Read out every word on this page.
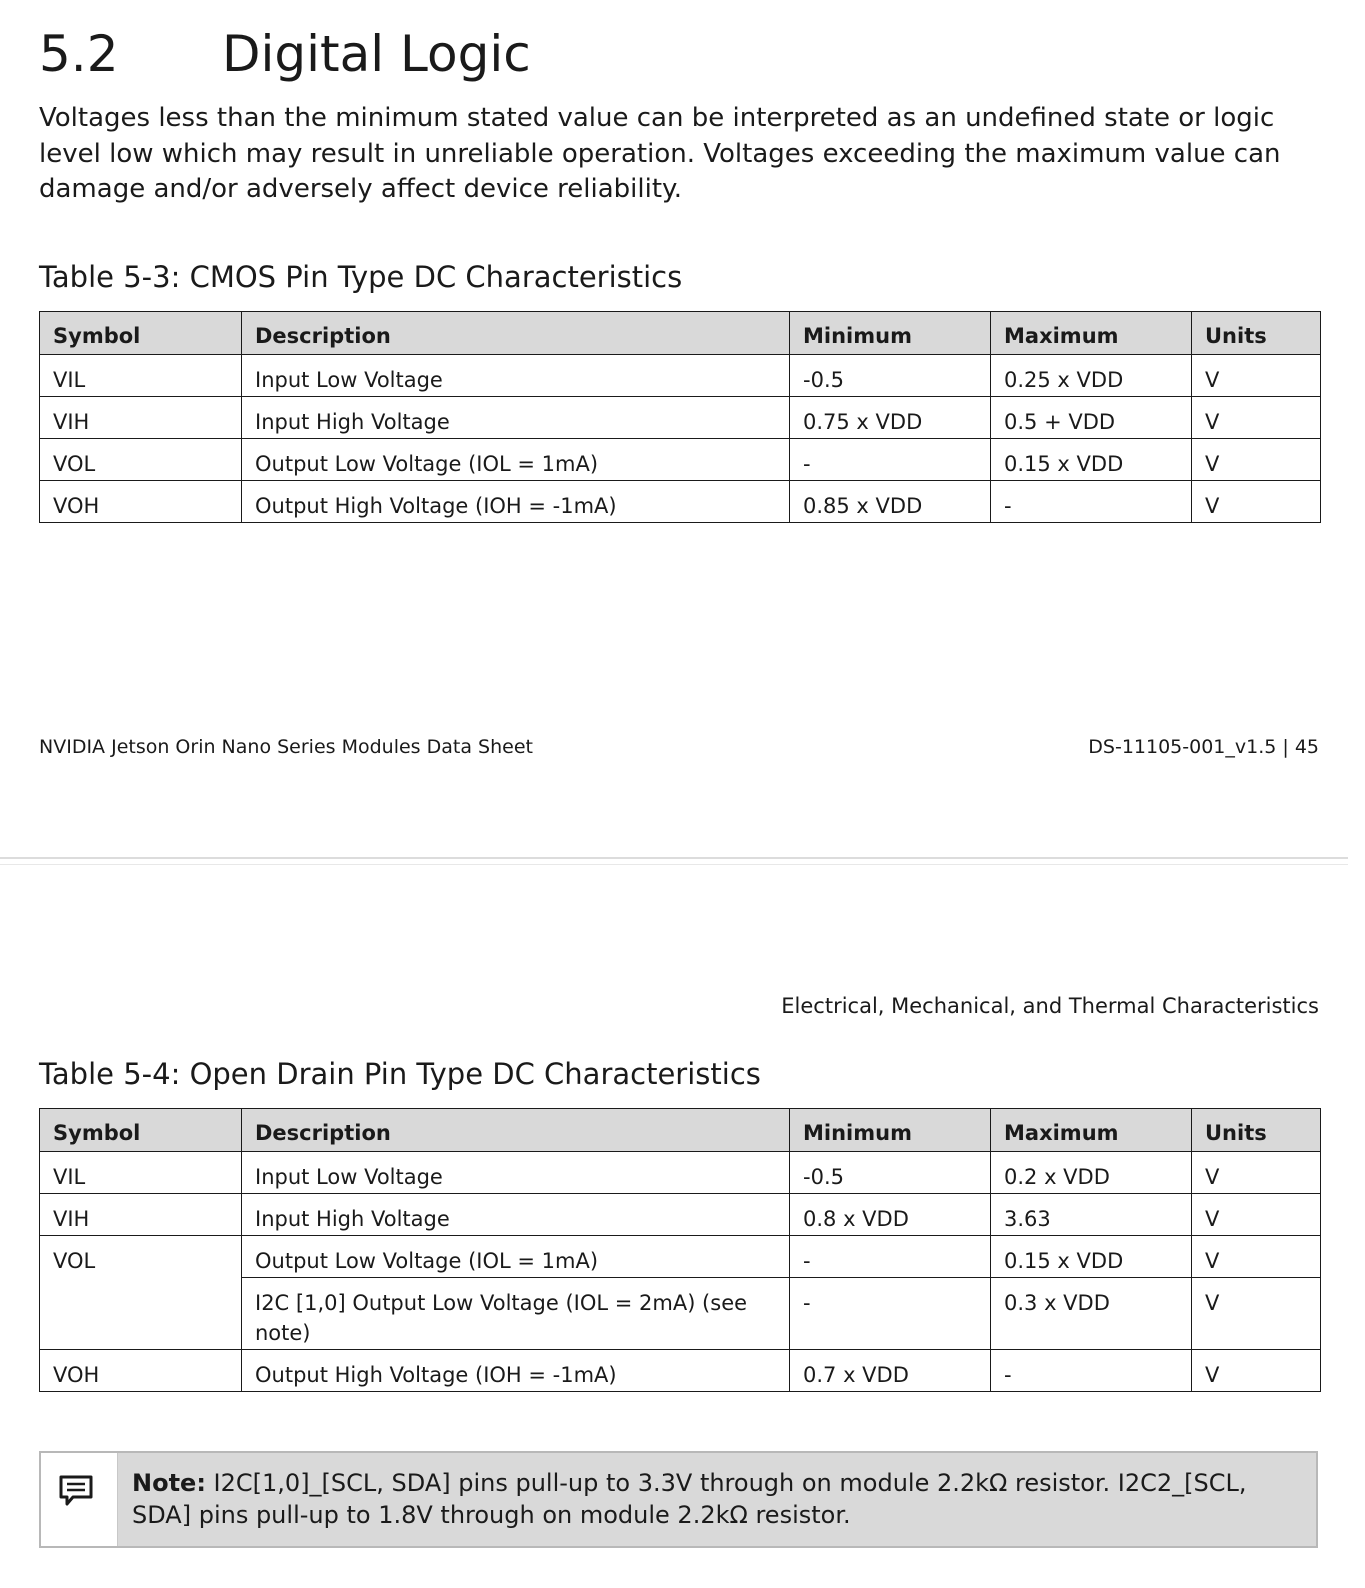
5.2 Digital Logic
Voltages less than the minimum stated value can be interpreted as an undefined state or logic level low which may result in unreliable operation. Voltages exceeding the maximum value can damage and/or adversely affect device reliability.
Table 5-3: CMOS Pin Type DC Characteristics
Symbol	Description	Minimum	Maximum	Units
VIL	Input Low Voltage	-0.5	0.25 x VDD	V
VIH	Input High Voltage	0.75 x VDD	0.5 + VDD	V
VOL	Output Low Voltage (IOL = 1mA)	-	0.15 x VDD	V
VOH	Output High Voltage (IOH = -1mA)	0.85 x VDD	-	V
NVIDIA Jetson Orin Nano Series Modules Data Sheet	DS-11105-001_v1.5 | 45
Electrical, Mechanical, and Thermal Characteristics
Table 5-4: Open Drain Pin Type DC Characteristics
Symbol	Description	Minimum	Maximum	Units
VIL	Input Low Voltage	-0.5	0.2 x VDD	V
VIH	Input High Voltage	0.8 x VDD	3.63	V
VOL	Output Low Voltage (IOL = 1mA)	-	0.15 x VDD	V
	I2C [1,0] Output Low Voltage (IOL = 2mA) (see note)	-	0.3 x VDD	V
VOH	Output High Voltage (IOH = -1mA)	0.7 x VDD	-	V
Note: I2C[1,0]_[SCL, SDA] pins pull-up to 3.3V through on module 2.2kΩ resistor. I2C2_[SCL, SDA] pins pull-up to 1.8V through on module 2.2kΩ resistor.
